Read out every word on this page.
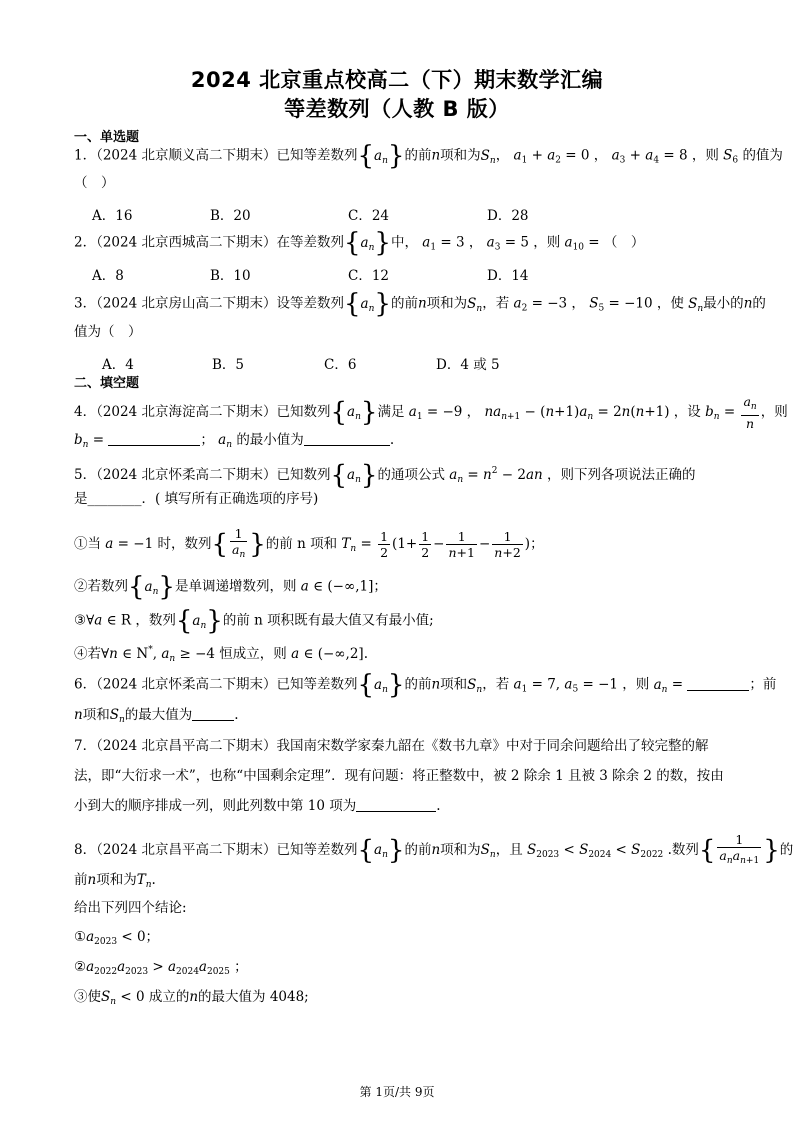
2024 北京重点校高二（下）期末数学汇编
等差数列（人教 B 版）
一、单选题
1．（2024 北京顺义高二下期末）已知等差数列$\{a_n\}$的前n项和为$S_n$， $a_1 + a_2 = 0$ ， $a_3 + a_4 = 8$ ，则 $S_6$ 的值为
（　）
A．16	B．20	C．24	D．28
2．（2024 北京西城高二下期末）在等差数列$\{a_n\}$中， $a_1 = 3$ ， $a_3 = 5$ ，则 $a_{10}$ = （　）
A．8	B．10	C．12	D．14
3．（2024 北京房山高二下期末）设等差数列$\{a_n\}$的前n项和为$S_n$，若 $a_2 = -3$ ， $S_5 = -10$ ，使 $S_n$最小的n的
值为（　）
A．4	B．5	C．6	D．4 或 5
二、填空题
4．（2024 北京海淀高二下期末）已知数列$\{a_n\}$满足 $a_1 = -9$ ， $na_{n+1} - (n+1)a_n = 2n(n+1)$ ，设 $b_n = \frac{a_n}{n}$ ，则
$b_n$ =	； $a_n$ 的最小值为	.
5．（2024 北京怀柔高二下期末）已知数列$\{a_n\}$的通项公式 $a_n = n^2 - 2an$ ，则下列各项说法正确的
是________．( 填写所有正确选项的序号)
①当 a = −1 时，数列{ $\frac{1}{a_n}$ }的前 n 项和 $T_n = \frac{1}{2} (1+ \frac{1}{2} - \frac{1}{n+1} - \frac{1}{n+2}$ )；
②若数列$\{a_n\}$是单调递增数列，则 a ∈ (−∞,1]；
③∀a ∈ R ，数列$\{a_n\}$的前 n 项积既有最大值又有最小值;
④若∀n ∈ N*, $a_n \ge -4$ 恒成立，则 a ∈ (−∞,2].
6．（2024 北京怀柔高二下期末）已知等差数列$\{a_n\}$的前n项和$S_n$，若 $a_1 = 7$, $a_5 = -1$ ，则 $a_n$ =	；前
n项和$S_n$的最大值为	.
7．（2024 北京昌平高二下期末）我国南宋数学家秦九韶在《数书九章》中对于同余问题给出了较完整的解
法，即“大衍求一术”，也称“中国剩余定理”．现有问题：将正整数中，被 2 除余 1 且被 3 除余 2 的数，按由
小到大的顺序排成一列，则此列数中第 10 项为	.
8．（2024 北京昌平高二下期末）已知等差数列$\{a_n\}$的前n项和为$S_n$，且 $S_{2023} < S_{2024} < S_{2022}$ .数列{ $\frac{1}{a_na_{n+1}}$ }的
前n项和为$T_n$.
给出下列四个结论:
$①a_{2023} < 0$；
$②a_{2022}a_{2023} > a_{2024}a_{2025}$ ；
③使$S_n < 0$ 成立的n的最大值为 4048;
第 1页/共 9页
